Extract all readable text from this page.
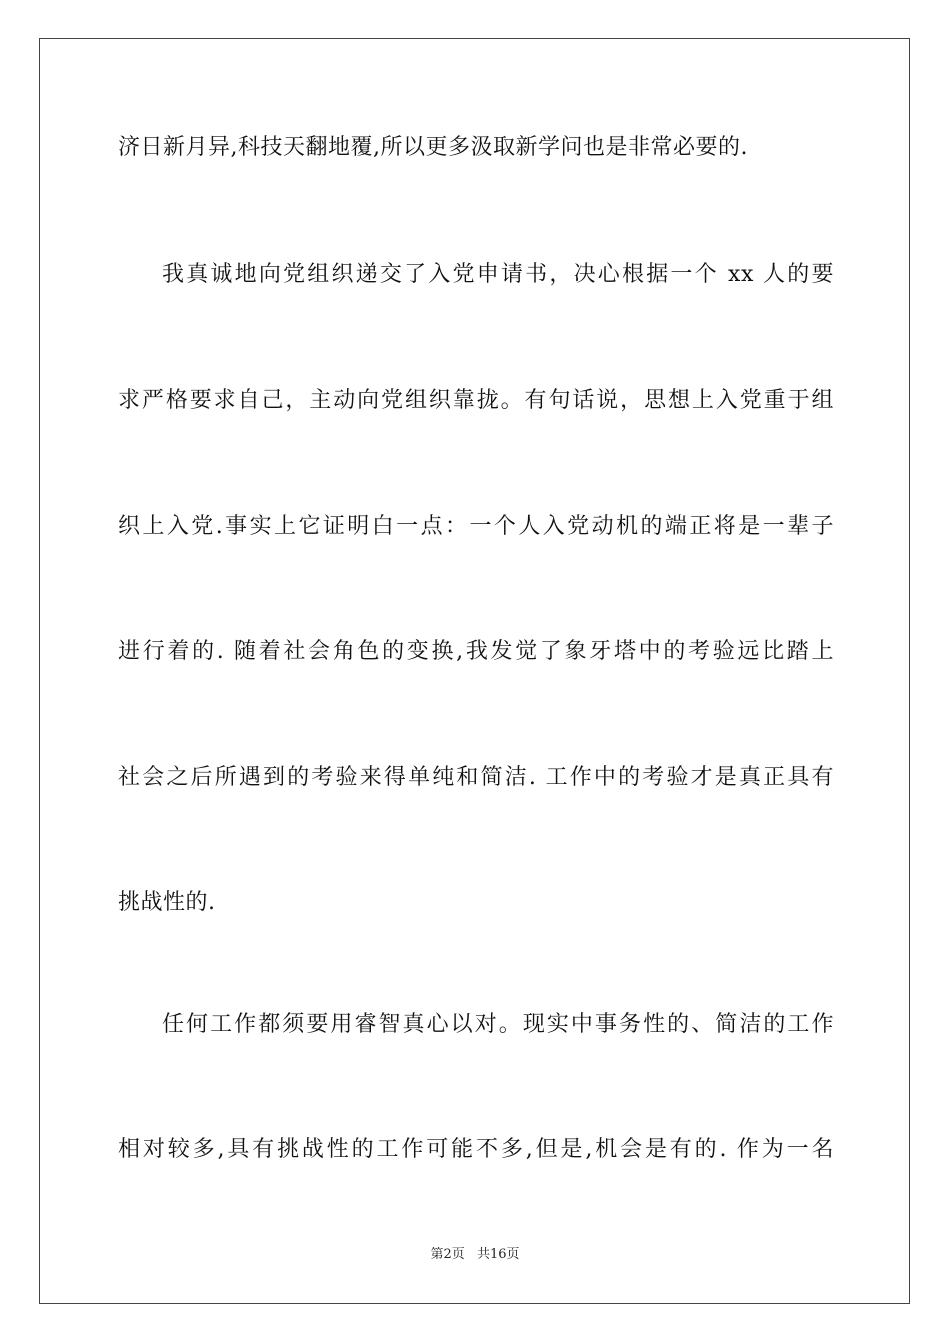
济日新月异,科技天翻地覆,所以更多汲取新学问也是非常必要的.
我真诚地向党组织递交了入党申请书，决心根据一个 xx 人的要
求严格要求自己，主动向党组织靠拢。有句话说，思想上入党重于组
织上入党.事实上它证明白一点：一个人入党动机的端正将是一辈子
进行着的. 随着社会角色的变换,我发觉了象牙塔中的考验远比踏上
社会之后所遇到的考验来得单纯和简洁. 工作中的考验才是真正具有
挑战性的.
任何工作都须要用睿智真心以对。现实中事务性的、简洁的工作
相对较多,具有挑战性的工作可能不多,但是,机会是有的. 作为一名
第2页 共16页
